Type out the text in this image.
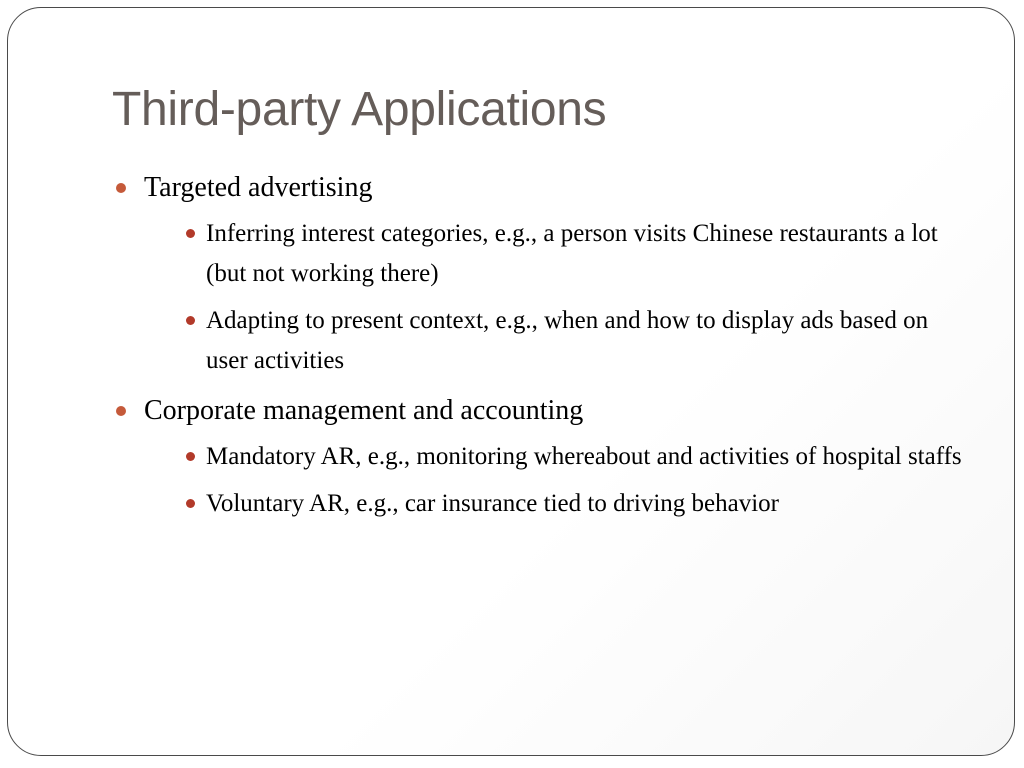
Third-party Applications
Targeted advertising
Inferring interest categories, e.g., a person visits Chinese restaurants a lot (but not working there)
Adapting to present context, e.g., when and how to display ads based on user activities
Corporate management and accounting
Mandatory AR, e.g., monitoring whereabout and activities of hospital staffs
Voluntary AR, e.g., car insurance tied to driving behavior
